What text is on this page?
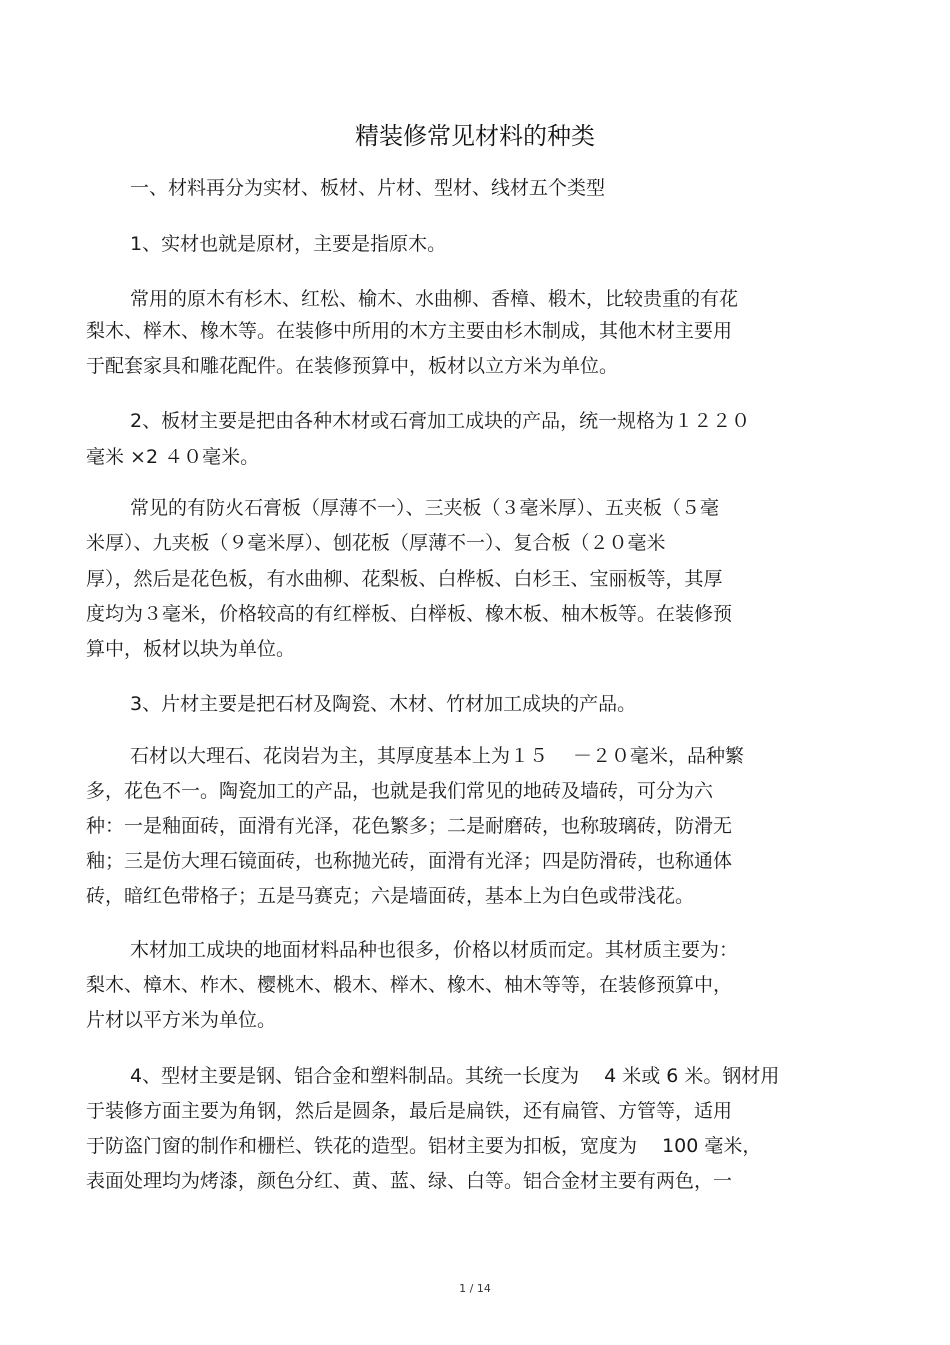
精装修常见材料的种类
一、材料再分为实材、板材、片材、型材、线材五个类型
1、实材也就是原材，主要是指原木。
常用的原木有杉木、红松、榆木、水曲柳、香樟、椴木，比较贵重的有花
梨木、榉木、橡木等。在装修中所用的木方主要由杉木制成，其他木材主要用
于配套家具和雕花配件。在装修预算中，板材以立方米为单位。
2、板材主要是把由各种木材或石膏加工成块的产品，统一规格为１２２０
毫米 ×2 ４０毫米。
常见的有防火石膏板（厚薄不一）、三夹板（３毫米厚）、五夹板（５毫
米厚）、九夹板（９毫米厚）、刨花板（厚薄不一）、复合板（２０毫米
厚），然后是花色板，有水曲柳、花梨板、白桦板、白杉王、宝丽板等，其厚
度均为３毫米，价格较高的有红榉板、白榉板、橡木板、柚木板等。在装修预
算中，板材以块为单位。
3、片材主要是把石材及陶瓷、木材、竹材加工成块的产品。
石材以大理石、花岗岩为主，其厚度基本上为１５　 －２０毫米，品种繁
多，花色不一。陶瓷加工的产品，也就是我们常见的地砖及墙砖，可分为六
种：一是釉面砖，面滑有光泽，花色繁多；二是耐磨砖，也称玻璃砖，防滑无
釉；三是仿大理石镜面砖，也称抛光砖，面滑有光泽；四是防滑砖，也称通体
砖，暗红色带格子；五是马赛克；六是墙面砖，基本上为白色或带浅花。
木材加工成块的地面材料品种也很多，价格以材质而定。其材质主要为：
梨木、樟木、柞木、樱桃木、椴木、榉木、橡木、柚木等等，在装修预算中，
片材以平方米为单位。
4、型材主要是钢、铝合金和塑料制品。其统一长度为　 4 米或 6 米。钢材用
于装修方面主要为角钢，然后是圆条，最后是扁铁，还有扁管、方管等，适用
于防盗门窗的制作和栅栏、铁花的造型。铝材主要为扣板，宽度为　 100 毫米，
表面处理均为烤漆，颜色分红、黄、蓝、绿、白等。铝合金材主要有两色，一
1 / 14
